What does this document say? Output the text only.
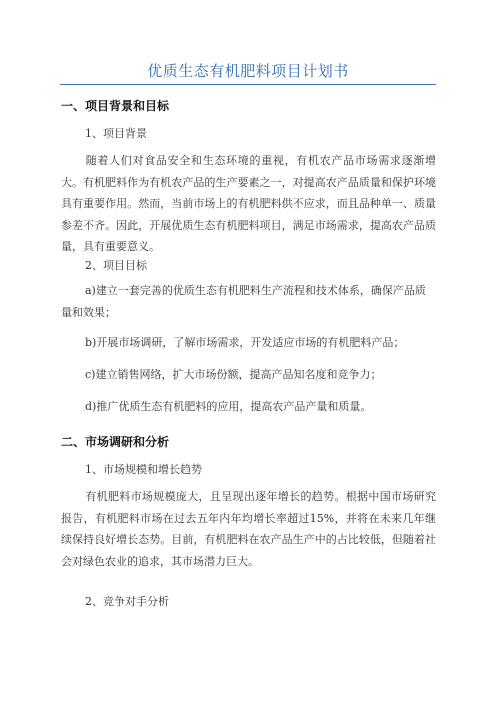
优质生态有机肥料项目计划书
一、项目背景和目标
1、项目背景
随着人们对食品安全和生态环境的重视，有机农产品市场需求逐渐增大。有机肥料作为有机农产品的生产要素之一，对提高农产品质量和保护环境具有重要作用。然而，当前市场上的有机肥料供不应求，而且品种单一、质量参差不齐。因此，开展优质生态有机肥料项目，满足市场需求，提高农产品质量，具有重要意义。
2、项目目标
a)建立一套完善的优质生态有机肥料生产流程和技术体系，确保产品质量和效果；
b)开展市场调研，了解市场需求，开发适应市场的有机肥料产品；
c)建立销售网络，扩大市场份额，提高产品知名度和竞争力；
d)推广优质生态有机肥料的应用，提高农产品产量和质量。
二、市场调研和分析
1、市场规模和增长趋势
有机肥料市场规模庞大，且呈现出逐年增长的趋势。根据中国市场研究报告，有机肥料市场在过去五年内年均增长率超过15%，并将在未来几年继续保持良好增长态势。目前，有机肥料在农产品生产中的占比较低，但随着社会对绿色农业的追求，其市场潜力巨大。
2、竞争对手分析
